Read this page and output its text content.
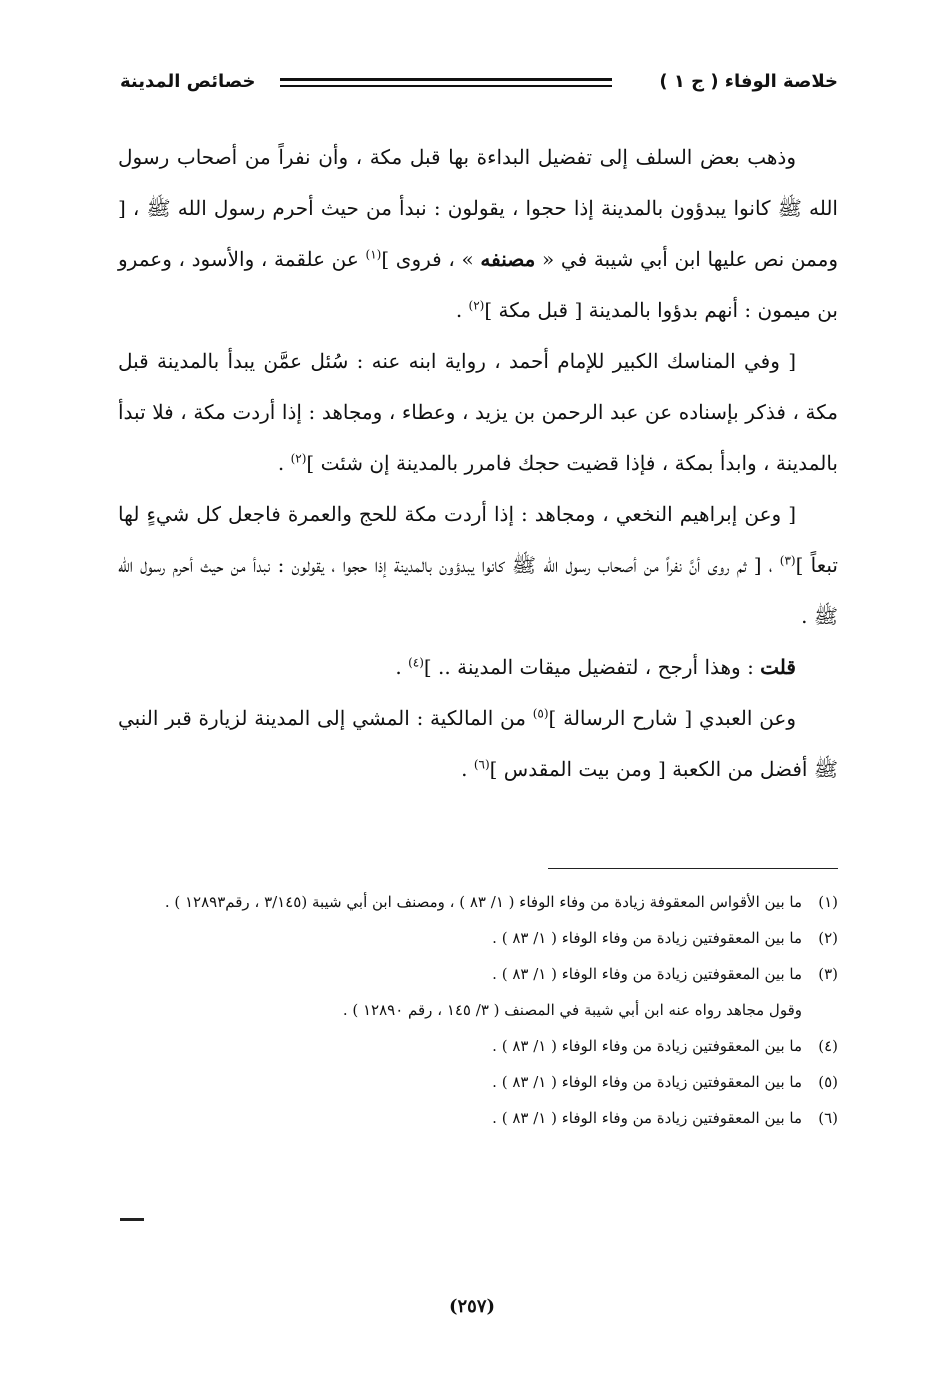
خلاصة الوفاء ( ج ١ )
خصائص المدينة

وذهب بعض السلف إلى تفضيل البداءة بها قبل مكة ، وأن نفراً من أصحاب رسول الله ﷺ كانوا يبدؤون بالمدينة إذا حجوا ، يقولون : نبدأ من حيث أحرم رسول الله ﷺ ، [ وممن نص عليها ابن أبي شيبة في « مصنفه » ، فروى ]$^{(١)}$ عن علقمة ، والأسود ، وعمرو بن ميمون : أنهم بدؤوا بالمدينة [ قبل مكة ]$^{(٢)}$ .

[ وفي المناسك الكبير للإمام أحمد ، رواية ابنه عنه : سُئل عمَّن يبدأ بالمدينة قبل مكة ، فذكر بإسناده عن عبد الرحمن بن يزيد ، وعطاء ، ومجاهد : إذا أردت مكة ، فلا تبدأ بالمدينة ، وابدأ بمكة ، فإذا قضيت حجك فامرر بالمدينة إن شئت ]$^{(٢)}$ .

[ وعن إبراهيم النخعي ، ومجاهد : إذا أردت مكة للحج والعمرة فاجعل كل شيءٍ لها تبعاً ]$^{(٣)}$ ، [ ثم روى أنَّ نفراً من أصحاب رسول الله ﷺ كانوا يبدؤون بالمدينة إذا حجوا ، يقولون : نبدأ من حيث أحرم رسول الله ﷺ .

قلت : وهذا أرجح ، لتفضيل ميقات المدينة .. ]$^{(٤)}$ .

وعن العبدي [ شارح الرسالة ]$^{(٥)}$ من المالكية : المشي إلى المدينة لزيارة قبر النبي ﷺ أفضل من الكعبة [ ومن بيت المقدس ]$^{(٦)}$ .

(١)ما بين الأقواس المعقوفة زيادة من وفاء الوفاء ( ١/ ٨٣ ) ، ومصنف ابن أبي شيبة (٣/١٤٥ ، رقم١٢٨٩٣ ) .

(٢)ما بين المعقوفتين زيادة من وفاء الوفاء ( ١/ ٨٣ ) .

(٣)ما بين المعقوفتين زيادة من وفاء الوفاء ( ١/ ٨٣ ) .

وقول مجاهد رواه عنه ابن أبي شيبة في المصنف ( ٣/ ١٤٥ ، رقم ١٢٨٩٠ ) .

(٤)ما بين المعقوفتين زيادة من وفاء الوفاء ( ١/ ٨٣ ) .

(٥)ما بين المعقوفتين زيادة من وفاء الوفاء ( ١/ ٨٣ ) .

(٦)ما بين المعقوفتين زيادة من وفاء الوفاء ( ١/ ٨٣ ) .

(٢٥٧)
